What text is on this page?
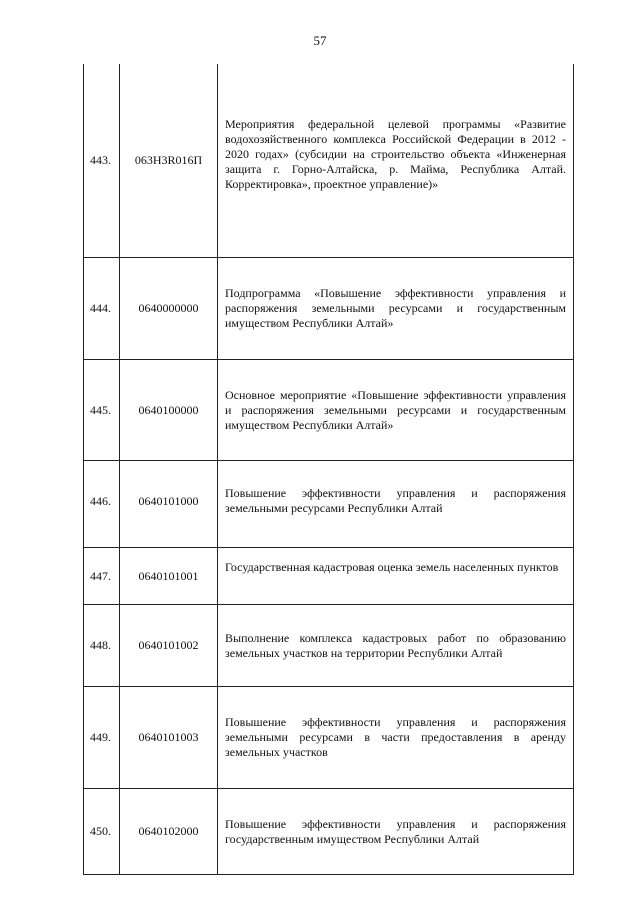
57
443.	063Н3R016П	Мероприятия федеральной целевой программы «Развитие водохозяйственного комплекса Российской Федерации в 2012 - 2020 годах» (субсидии на строительство объекта «Инженерная защита г. Горно-Алтайска, р. Майма, Республика Алтай. Корректировка», проектное управление)»
444.	0640000000	Подпрограмма «Повышение эффективности управления и распоряжения земельными ресурсами и государственным имуществом Республики Алтай»
445.	0640100000	Основное мероприятие «Повышение эффективности управления и распоряжения земельными ресурсами и государственным имуществом Республики Алтай»
446.	0640101000	Повышение эффективности управления и распоряжения земельными ресурсами Республики Алтай
447.	0640101001	Государственная кадастровая оценка земель населенных пунктов
448.	0640101002	Выполнение комплекса кадастровых работ по образованию земельных участков на территории Республики Алтай
449.	0640101003	Повышение эффективности управления и распоряжения земельными ресурсами в части предоставления в аренду земельных участков
450.	0640102000	Повышение эффективности управления и распоряжения государственным имуществом Республики Алтай
